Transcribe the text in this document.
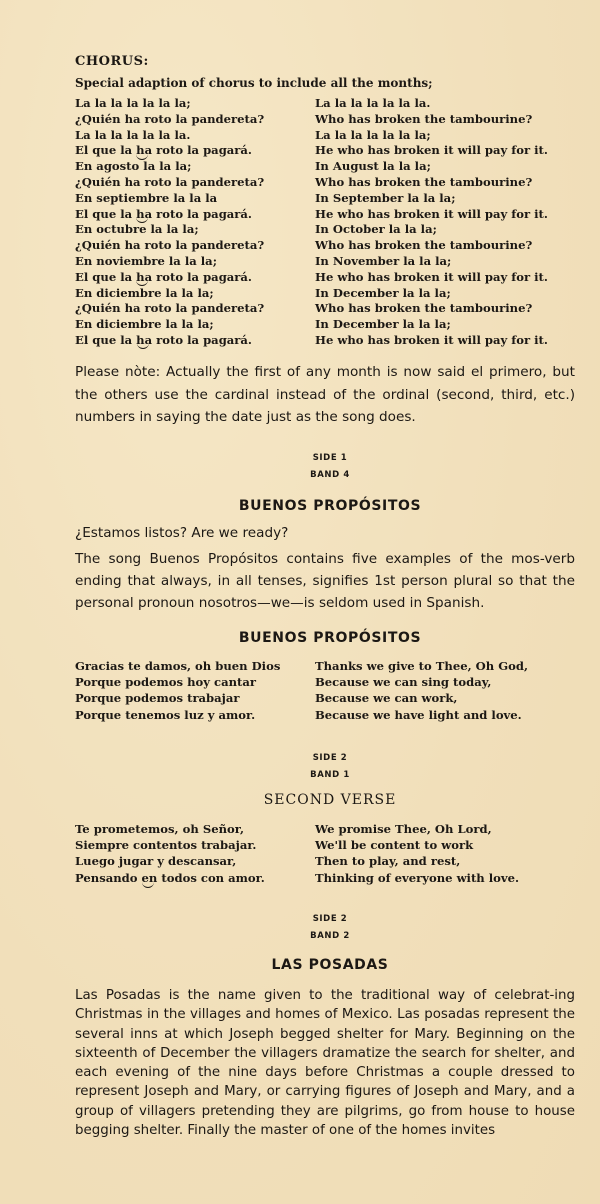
CHORUS:
Special adaption of chorus to include all the months;
La la la la la la la;	La la la la la la la.
¿Quién ha roto la pandereta?	Who has broken the tambourine?
La la la la la la la.	La la la la la la la;
El que la ha roto la pagará.	He who has broken it will pay for it.
En agosto la la la;	In August la la la;
¿Quién ha roto la pandereta?	Who has broken the tambourine?
En septiembre la la la	In September la la la;
El que la ha roto la pagará.	He who has broken it will pay for it.
En octubre la la la;	In October la la la;
¿Quién ha roto la pandereta?	Who has broken the tambourine?
En noviembre la la la;	In November la la la;
El que la ha roto la pagará.	He who has broken it will pay for it.
En diciembre la la la;	In December la la la;
¿Quién ha roto la pandereta?	Who has broken the tambourine?
En diciembre la la la;	In December la la la;
El que la ha roto la pagará.	He who has broken it will pay for it.
Please nòte: Actually the first of any month is now said el primero, but the others use the cardinal instead of the ordinal (second, third, etc.) numbers in saying the date just as the song does.
SIDE 1
BAND 4
BUENOS PROPÓSITOS
¿Estamos listos? Are we ready?
The song Buenos Propósitos contains five examples of the mos-verb ending that always, in all tenses, signifies 1st person plural so that the personal pronoun nosotros—we—is seldom used in Spanish.
BUENOS PROPÓSITOS
Gracias te damos, oh buen Dios	Thanks we give to Thee, Oh God,
Porque podemos hoy cantar	Because we can sing today,
Porque podemos trabajar	Because we can work,
Porque tenemos luz y amor.	Because we have light and love.
SIDE 2
BAND 1
SECOND VERSE
Te prometemos, oh Señor,	We promise Thee, Oh Lord,
Siempre contentos trabajar.	We'll be content to work
Luego jugar y descansar,	Then to play, and rest,
Pensando en todos con amor.	Thinking of everyone with love.
SIDE 2
BAND 2
LAS POSADAS
Las Posadas is the name given to the traditional way of celebrat-ing Christmas in the villages and homes of Mexico. Las posadas represent the several inns at which Joseph begged shelter for Mary. Beginning on the sixteenth of December the villagers dramatize the search for shelter, and each evening of the nine days before Christmas a couple dressed to represent Joseph and Mary, or carrying figures of Joseph and Mary, and a group of villagers pretending they are pilgrims, go from house to house begging shelter. Finally the master of one of the homes invites
